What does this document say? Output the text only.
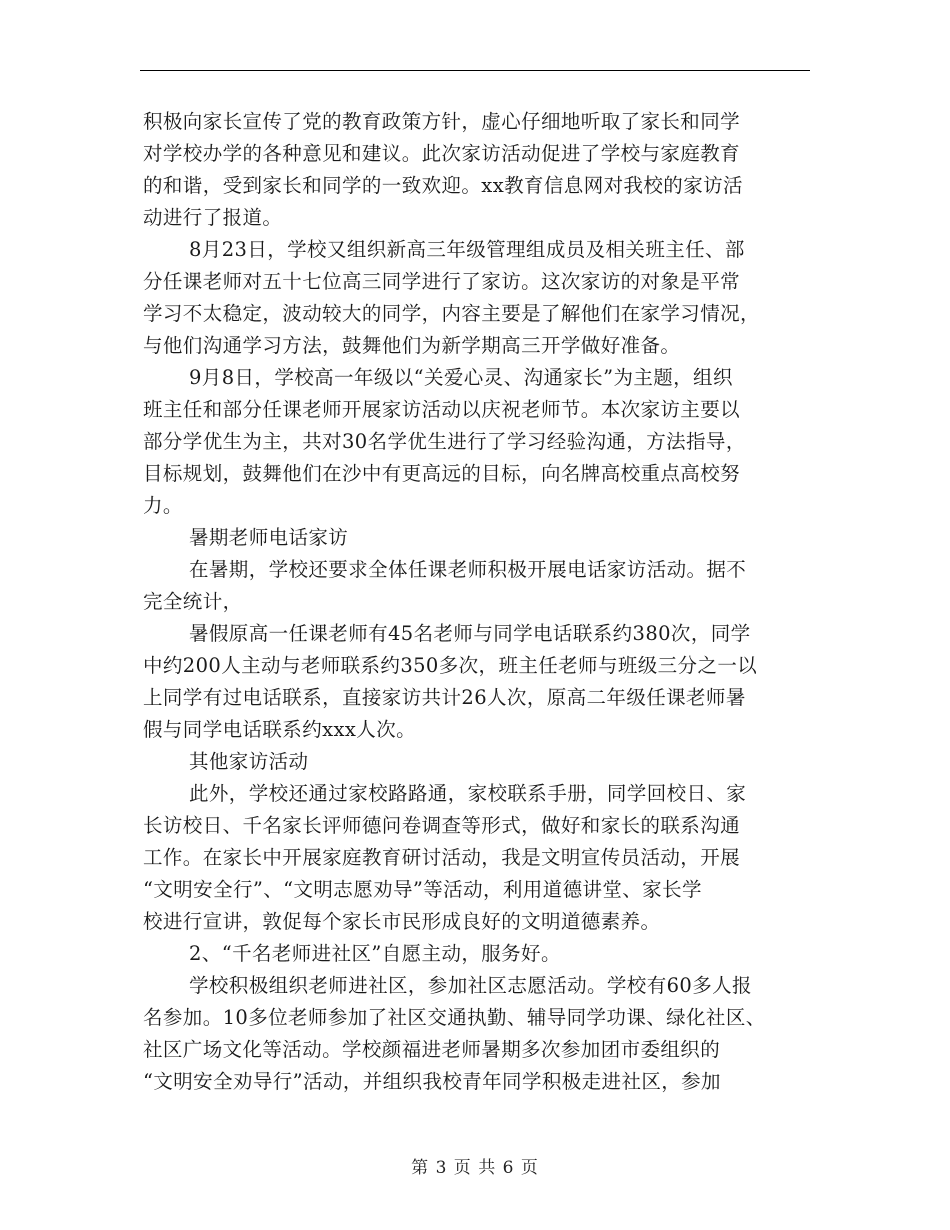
积极向家长宣传了党的教育政策方针，虚心仔细地听取了家长和同学
对学校办学的各种意见和建议。此次家访活动促进了学校与家庭教育
的和谐，受到家长和同学的一致欢迎。xx教育信息网对我校的家访活
动进行了报道。
8月23日，学校又组织新高三年级管理组成员及相关班主任、部
分任课老师对五十七位高三同学进行了家访。这次家访的对象是平常
学习不太稳定，波动较大的同学，内容主要是了解他们在家学习情况，
与他们沟通学习方法，鼓舞他们为新学期高三开学做好准备。
9月8日，学校高一年级以“关爱心灵、沟通家长”为主题，组织
班主任和部分任课老师开展家访活动以庆祝老师节。本次家访主要以
部分学优生为主，共对30名学优生进行了学习经验沟通，方法指导，
目标规划，鼓舞他们在沙中有更高远的目标，向名牌高校重点高校努
力。
暑期老师电话家访
在暑期，学校还要求全体任课老师积极开展电话家访活动。据不
完全统计，
暑假原高一任课老师有45名老师与同学电话联系约380次，同学
中约200人主动与老师联系约350多次，班主任老师与班级三分之一以
上同学有过电话联系，直接家访共计26人次，原高二年级任课老师暑
假与同学电话联系约xxx人次。
其他家访活动
此外，学校还通过家校路路通，家校联系手册，同学回校日、家
长访校日、千名家长评师德问卷调查等形式，做好和家长的联系沟通
工作。在家长中开展家庭教育研讨活动，我是文明宣传员活动，开展
“文明安全行”、“文明志愿劝导”等活动，利用道德讲堂、家长学
校进行宣讲，敦促每个家长市民形成良好的文明道德素养。
2、“千名老师进社区”自愿主动，服务好。
学校积极组织老师进社区，参加社区志愿活动。学校有60多人报
名参加。10多位老师参加了社区交通执勤、辅导同学功课、绿化社区、
社区广场文化等活动。学校颜福进老师暑期多次参加团市委组织的
“文明安全劝导行”活动，并组织我校青年同学积极走进社区，参加
第 3 页 共 6 页
